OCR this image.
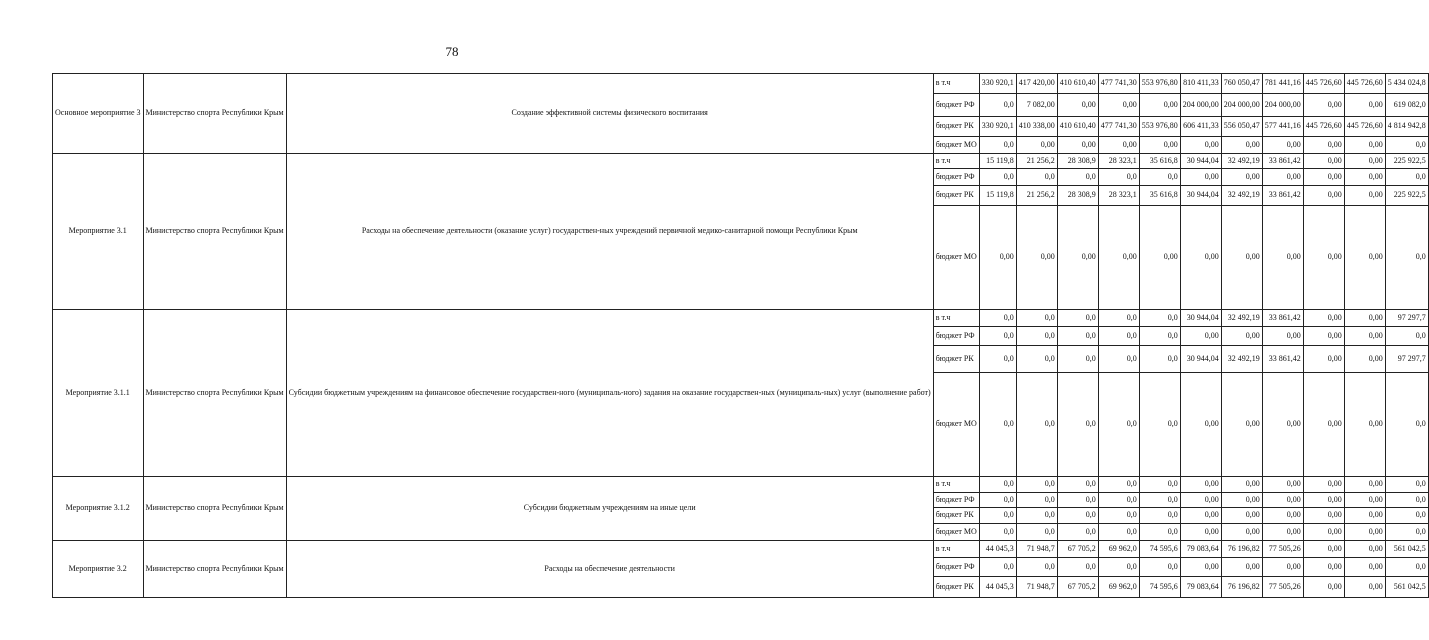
78
Основное мероприятие 3	Министерство спорта Республики Крым	Создание эффективной системы физического воспитания	в т.ч	330 920,1	417 420,00	410 610,40	477 741,30	553 976,80	810 411,33	760 050,47	781 441,16	445 726,60	445 726,60	5 434 024,8
			бюджет РФ	0,0	7 082,00	0,00	0,00	0,00	204 000,00	204 000,00	204 000,00	0,00	0,00	619 082,0
			бюджет РК	330 920,1	410 338,00	410 610,40	477 741,30	553 976,80	606 411,33	556 050,47	577 441,16	445 726,60	445 726,60	4 814 942,8
			бюджет МО	0,0	0,00	0,00	0,00	0,00	0,00	0,00	0,00	0,00	0,00	0,0
Мероприятие 3.1	Министерство спорта Республики Крым	Расходы на обеспечение деятельности (оказание услуг) государствен-ных учреждений первичной медико-санитарной помощи Республики Крым	в т.ч	15 119,8	21 256,2	28 308,9	28 323,1	35 616,8	30 944,04	32 492,19	33 861,42	0,00	0,00	225 922,5
			бюджет РФ	0,0	0,0	0,0	0,0	0,0	0,00	0,00	0,00	0,00	0,00	0,0
			бюджет РК	15 119,8	21 256,2	28 308,9	28 323,1	35 616,8	30 944,04	32 492,19	33 861,42	0,00	0,00	225 922,5
			бюджет МО	0,00	0,00	0,00	0,00	0,00	0,00	0,00	0,00	0,00	0,00	0,0
Мероприятие 3.1.1	Министерство спорта Республики Крым	Субсидии бюджетным учреждениям на финансовое обеспечение государствен-ного (муниципаль-ного) задания на оказание государствен-ных (муниципаль-ных) услуг (выполнение работ)	в т.ч	0,0	0,0	0,0	0,0	0,0	30 944,04	32 492,19	33 861,42	0,00	0,00	97 297,7
			бюджет РФ	0,0	0,0	0,0	0,0	0,0	0,00	0,00	0,00	0,00	0,00	0,0
			бюджет РК	0,0	0,0	0,0	0,0	0,0	30 944,04	32 492,19	33 861,42	0,00	0,00	97 297,7
			бюджет МО	0,0	0,0	0,0	0,0	0,0	0,00	0,00	0,00	0,00	0,00	0,0
Мероприятие 3.1.2	Министерство спорта Республики Крым	Субсидии бюджетным учреждениям на иные цели	в т.ч	0,0	0,0	0,0	0,0	0,0	0,00	0,00	0,00	0,00	0,00	0,0
			бюджет РФ	0,0	0,0	0,0	0,0	0,0	0,00	0,00	0,00	0,00	0,00	0,0
			бюджет РК	0,0	0,0	0,0	0,0	0,0	0,00	0,00	0,00	0,00	0,00	0,0
			бюджет МО	0,0	0,0	0,0	0,0	0,0	0,00	0,00	0,00	0,00	0,00	0,0
Мероприятие 3.2	Министерство спорта Республики Крым	Расходы на обеспечение деятельности	в т.ч	44 045,3	71 948,7	67 705,2	69 962,0	74 595,6	79 083,64	76 196,82	77 505,26	0,00	0,00	561 042,5
			бюджет РФ	0,0	0,0	0,0	0,0	0,0	0,00	0,00	0,00	0,00	0,00	0,0
			бюджет РК	44 045,3	71 948,7	67 705,2	69 962,0	74 595,6	79 083,64	76 196,82	77 505,26	0,00	0,00	561 042,5
